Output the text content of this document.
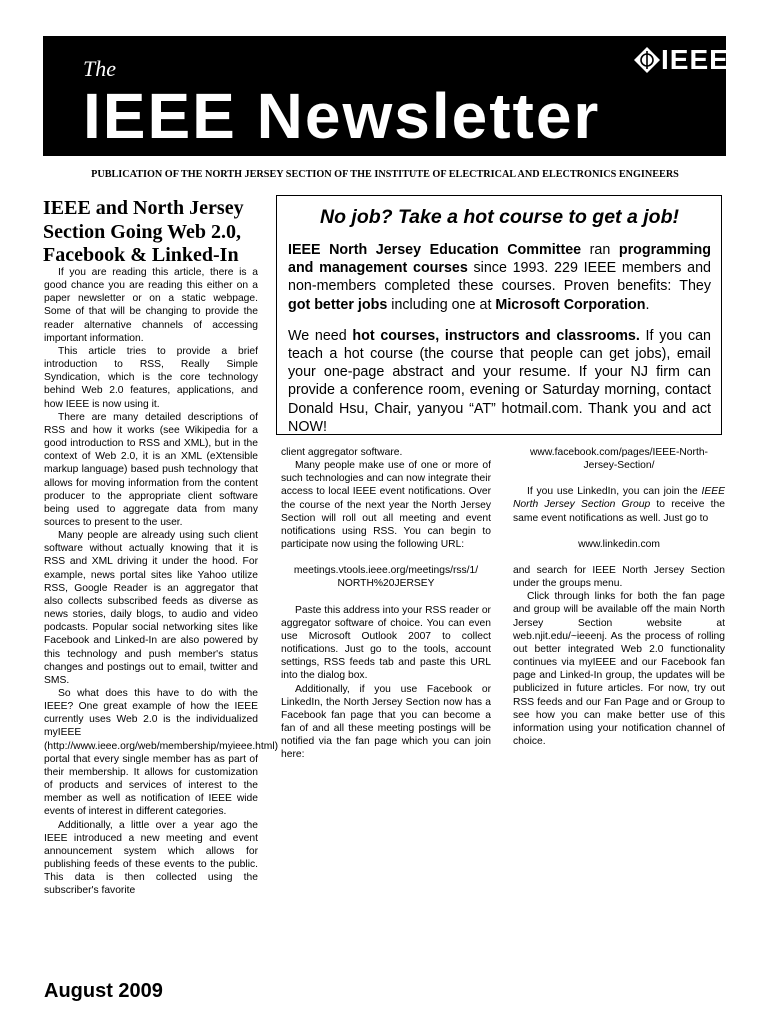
The
IEEE Newsletter
IEEE
PUBLICATION OF THE NORTH JERSEY SECTION OF THE INSTITUTE OF ELECTRICAL AND ELECTRONICS ENGINEERS
IEEE and North Jersey Section Going Web 2.0, Facebook & Linked-In

If you are reading this article, there is a good chance you are reading this either on a paper newsletter or on a static webpage. Some of that will be changing to provide the reader alternative channels of accessing important information.

This article tries to provide a brief introduction to RSS, Really Simple Syndication, which is the core technology behind Web 2.0 features, applications, and how IEEE is now using it.

There are many detailed descriptions of RSS and how it works (see Wikipedia for a good introduction to RSS and XML), but in the context of Web 2.0, it is an XML (eXtensible markup language) based push technology that allows for moving information from the content producer to the appropriate client software being used to aggregate data from many sources to present to the user.

Many people are already using such client software without actually knowing that it is RSS and XML driving it under the hood. For example, news portal sites like Yahoo utilize RSS, Google Reader is an aggregator that also collects subscribed feeds as diverse as news stories, daily blogs, to audio and video podcasts. Popular social networking sites like Facebook and Linked-In are also powered by this technology and push member's status changes and postings out to email, twitter and SMS.

So what does this have to do with the IEEE? One great example of how the IEEE currently uses Web 2.0 is the individualized myIEEE (http://www.ieee.org/web/membership/myieee.html) portal that every single member has as part of their membership. It allows for customization of products and services of interest to the member as well as notification of IEEE wide events of interest in different categories.

Additionally, a little over a year ago the IEEE introduced a new meeting and event announcement system which allows for publishing feeds of these events to the public. This data is then collected using the subscriber's favorite

No job? Take a hot course to get a job!

IEEE North Jersey Education Committee ran programming and management courses since 1993. 229 IEEE members and non-members completed these courses. Proven benefits: They got better jobs including one at Microsoft Corporation.

We need hot courses, instructors and classrooms. If you can teach a hot course (the course that people can get jobs), email your one-page abstract and your resume. If your NJ firm can provide a conference room, evening or Saturday morning, contact Donald Hsu, Chair, yanyou “AT” hotmail.com. Thank you and act NOW!

client aggregator software.

Many people make use of one or more of such technologies and can now integrate their access to local IEEE event notifications. Over the course of the next year the North Jersey Section will roll out all meeting and event notifications using RSS. You can begin to participate now using the following URL:

meetings.vtools.ieee.org/meetings/rss/1/
NORTH%20JERSEY

Paste this address into your RSS reader or aggregator software of choice. You can even use Microsoft Outlook 2007 to collect notifications. Just go to the tools, account settings, RSS feeds tab and paste this URL into the dialog box.

Additionally, if you use Facebook or LinkedIn, the North Jersey Section now has a Facebook fan page that you can become a fan of and all these meeting postings will be notified via the fan page which you can join here:

www.facebook.com/pages/IEEE-North-
Jersey-Section/

If you use LinkedIn, you can join the IEEE North Jersey Section Group to receive the same event notifications as well. Just go to

www.linkedin.com

and search for IEEE North Jersey Section under the groups menu.

Click through links for both the fan page and group will be available off the main North Jersey Section website at web.njit.edu/~ieeenj. As the process of rolling out better integrated Web 2.0 functionality continues via myIEEE and our Facebook fan page and Linked-In group, the updates will be publicized in future articles. For now, try out RSS feeds and our Fan Page and or Group to see how you can make better use of this information using your notification channel of choice.

August 2009
